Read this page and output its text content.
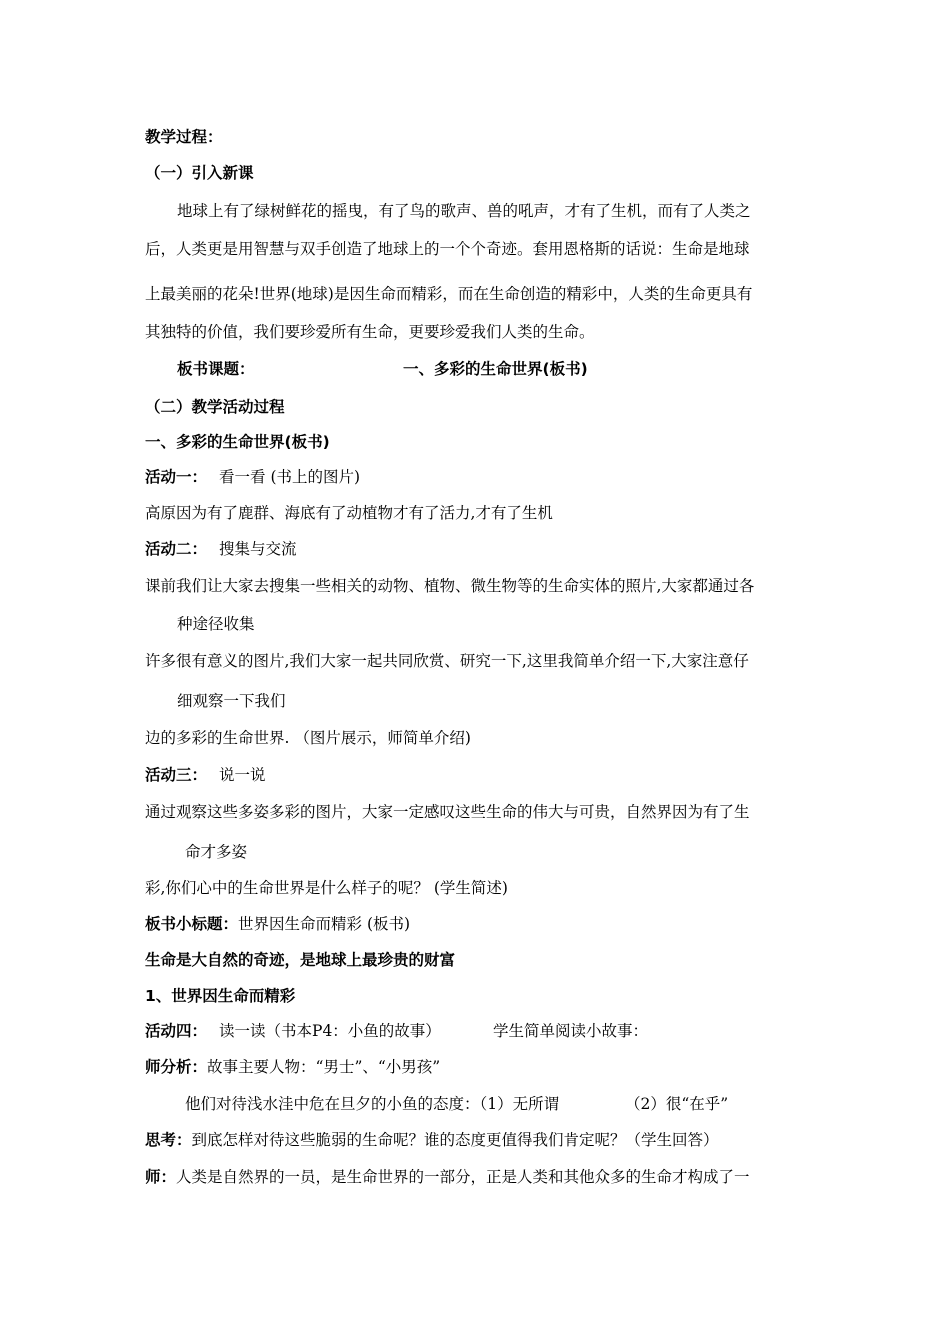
教学过程：
（一）引入新课
地球上有了绿树鲜花的摇曳，有了鸟的歌声、兽的吼声，才有了生机，而有了人类之
后，人类更是用智慧与双手创造了地球上的一个个奇迹。套用恩格斯的话说：生命是地球
上最美丽的花朵!世界(地球)是因生命而精彩，而在生命创造的精彩中，人类的生命更具有
其独特的价值，我们要珍爱所有生命，更要珍爱我们人类的生命。
板书课题：	一、多彩的生命世界(板书)
（二）教学活动过程
一、多彩的生命世界(板书)
活动一： 看一看 (书上的图片)
高原因为有了鹿群、海底有了动植物才有了活力,才有了生机
活动二： 搜集与交流
课前我们让大家去搜集一些相关的动物、植物、微生物等的生命实体的照片,大家都通过各
种途径收集
许多很有意义的图片,我们大家一起共同欣赏、研究一下,这里我简单介绍一下,大家注意仔
细观察一下我们
边的多彩的生命世界. （图片展示，师简单介绍)
活动三： 说一说
通过观察这些多姿多彩的图片，大家一定感叹这些生命的伟大与可贵，自然界因为有了生
命才多姿
彩,你们心中的生命世界是什么样子的呢？ (学生简述)
板书小标题：世界因生命而精彩 (板书)
生命是大自然的奇迹，是地球上最珍贵的财富
1、世界因生命而精彩
活动四： 读一读（书本P4：小鱼的故事）	学生简单阅读小故事：
师分析：故事主要人物：“男士”、“小男孩”
他们对待浅水洼中危在旦夕的小鱼的态度：（1）无所谓	（2）很“在乎”
思考：到底怎样对待这些脆弱的生命呢？谁的态度更值得我们肯定呢？（学生回答）
师：人类是自然界的一员，是生命世界的一部分，正是人类和其他众多的生命才构成了一
